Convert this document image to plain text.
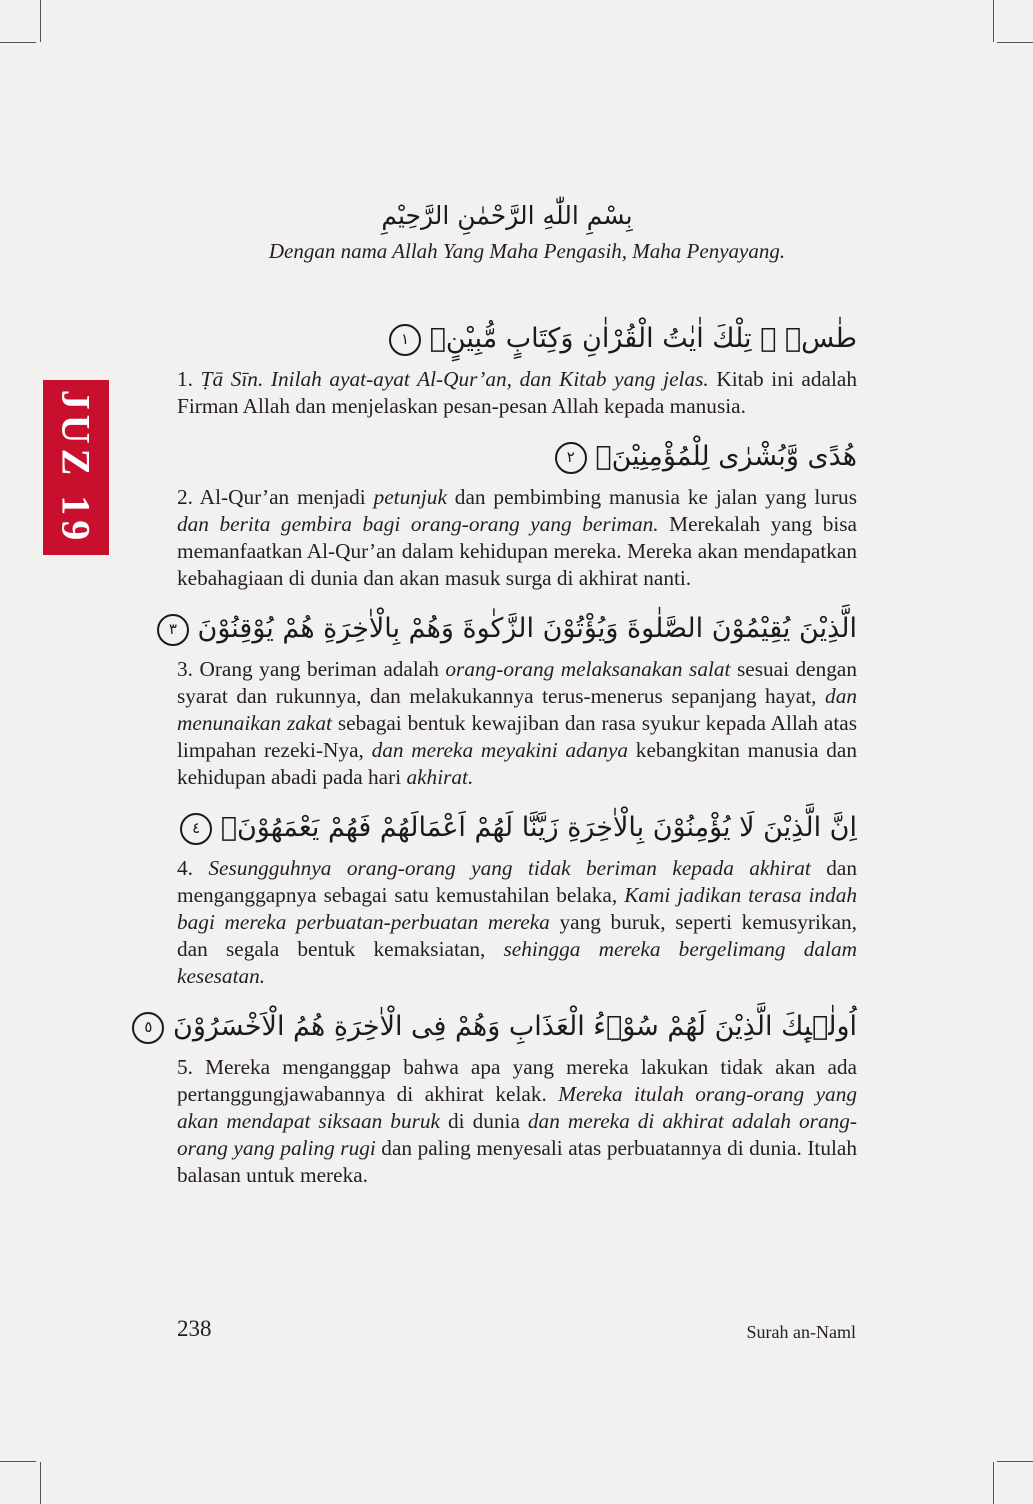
JUZ 19
بِسْمِ اللّٰهِ الرَّحْمٰنِ الرَّحِيْمِ

Dengan nama Allah Yang Maha Pengasih, Maha Penyayang.

طٰسۤ ۗ تِلْكَ اٰيٰتُ الْقُرْاٰنِ وَكِتَابٍ مُّبِيْنٍۙ ١

1. Ṭā Sīn. Inilah ayat-ayat Al-Qur’an, dan Kitab yang jelas. Kitab ini adalah Firman Allah dan menjelaskan pesan-pesan Allah kepada manusia.

هُدًى وَّبُشْرٰى لِلْمُؤْمِنِيْنَۙ ٢

2. Al-Qur’an menjadi petunjuk dan pembimbing manusia ke jalan yang lurus dan berita gembira bagi orang-orang yang beriman. Merekalah yang bisa memanfaatkan Al-Qur’an dalam kehidupan mereka. Mereka akan mendapatkan kebahagiaan di dunia dan akan masuk surga di akhirat nanti.

الَّذِيْنَ يُقِيْمُوْنَ الصَّلٰوةَ وَيُؤْتُوْنَ الزَّكٰوةَ وَهُمْ بِالْاٰخِرَةِ هُمْ يُوْقِنُوْنَ ٣

3. Orang yang beriman adalah orang-orang melaksanakan salat sesuai dengan syarat dan rukunnya, dan melakukannya terus-menerus sepanjang hayat, dan menunaikan zakat sebagai bentuk kewajiban dan rasa syukur kepada Allah atas limpahan rezeki-Nya, dan mereka meyakini adanya kebangkitan manusia dan kehidupan abadi pada hari akhirat.

اِنَّ الَّذِيْنَ لَا يُؤْمِنُوْنَ بِالْاٰخِرَةِ زَيَّنَّا لَهُمْ اَعْمَالَهُمْ فَهُمْ يَعْمَهُوْنَۗ ٤

4. Sesungguhnya orang-orang yang tidak beriman kepada akhirat dan menganggapnya sebagai satu kemustahilan belaka, Kami jadikan terasa indah bagi mereka perbuatan-perbuatan mereka yang buruk, seperti kemusyrikan, dan segala bentuk kemaksiatan, sehingga mereka bergelimang dalam kesesatan.

اُولٰۤىِٕكَ الَّذِيْنَ لَهُمْ سُوْۤءُ الْعَذَابِ وَهُمْ فِى الْاٰخِرَةِ هُمُ الْاَخْسَرُوْنَ ٥

5. Mereka menganggap bahwa apa yang mereka lakukan tidak akan ada pertanggungjawabannya di akhirat kelak. Mereka itulah orang-orang yang akan mendapat siksaan buruk di dunia dan mereka di akhirat adalah orang-orang yang paling rugi dan paling menyesali atas perbuatannya di dunia. Itulah balasan untuk mereka.

238	Surah an-Naml
